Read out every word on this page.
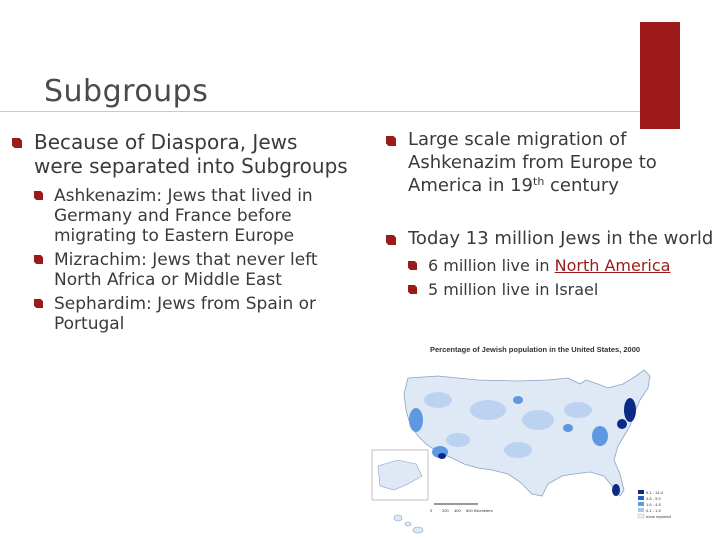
Subgroups
Because of Diaspora, Jews were separated into Subgroups
Ashkenazim: Jews that lived in Germany and France before migrating to Eastern Europe
Mizrachim: Jews that never left North Africa or Middle East
Sephardim: Jews from Spain or Portugal
Large scale migration of Ashkenazim from Europe to America in 19th century
Today 13 million Jews in the world
6 million live in North America
5 million live in Israel
Percentage of Jewish population in the United States, 2000
0 200 400 600 Kilometers
9.1 - 14.4
4.6 - 9.0
1.6 - 4.5
0.1 - 1.5
none reported
